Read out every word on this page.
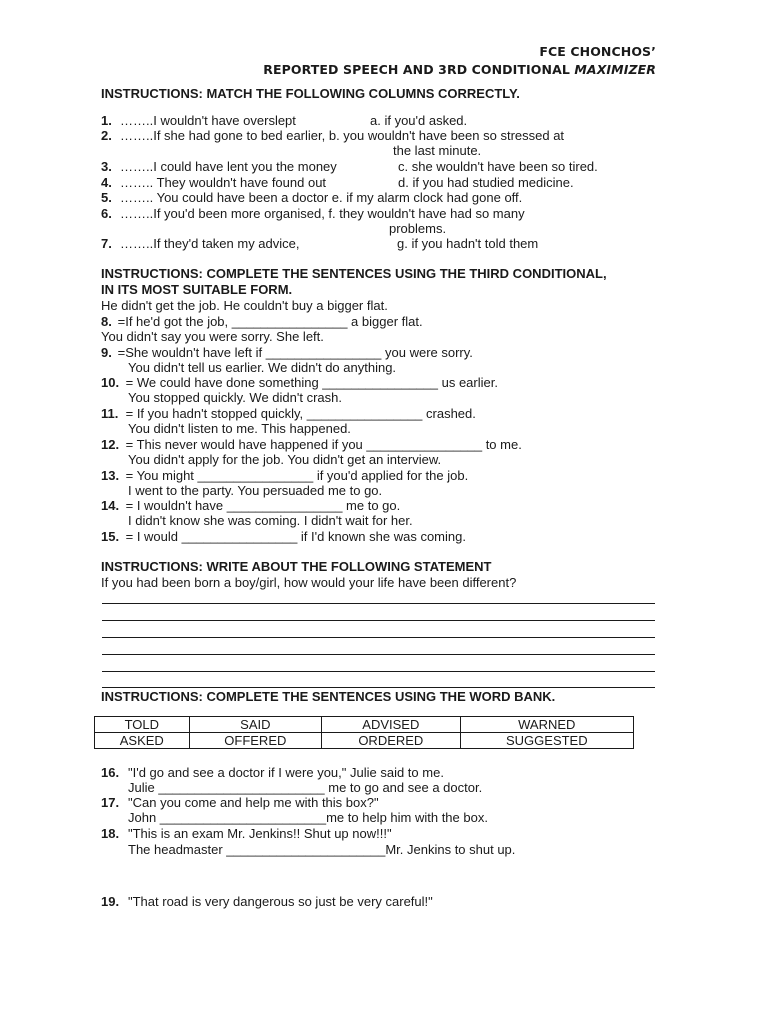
FCE CHONCHOS’
REPORTED SPEECH AND 3RD CONDITIONAL MAXIMIZER
INSTRUCTIONS: MATCH THE FOLLOWING COLUMNS CORRECTLY.
1. ……..I wouldn't have overslept	a. if you'd asked.
2. ……..If she had gone to bed earlier, b. you wouldn't have been so stressed at
the last minute.
3. ……..I could have lent you the money	c. she wouldn't have been so tired.
4. …….. They wouldn't have found out	d. if you had studied medicine.
5. …….. You could have been a doctor e. if my alarm clock had gone off.
6. ……..If you'd been more organised, f. they wouldn't have had so many
problems.
7. ……..If they'd taken my advice,	g. if you hadn't told them
INSTRUCTIONS: COMPLETE THE SENTENCES USING THE THIRD CONDITIONAL,
IN ITS MOST SUITABLE FORM.
He didn't get the job. He couldn't buy a bigger flat.
8. =If he'd got the job, ________________ a bigger flat.
You didn't say you were sorry. She left.
9. =She wouldn't have left if ________________ you were sorry.
You didn't tell us earlier. We didn't do anything.
10. = We could have done something ________________ us earlier.
You stopped quickly. We didn't crash.
11. = If you hadn't stopped quickly, ________________ crashed.
You didn't listen to me. This happened.
12. = This never would have happened if you ________________ to me.
You didn't apply for the job. You didn't get an interview.
13. = You might ________________ if you'd applied for the job.
I went to the party. You persuaded me to go.
14. = I wouldn't have ________________ me to go.
I didn't know she was coming. I didn't wait for her.
15. = I would ________________ if I'd known she was coming.
INSTRUCTIONS: WRITE ABOUT THE FOLLOWING STATEMENT
If you had been born a boy/girl, how would your life have been different?
INSTRUCTIONS: COMPLETE THE SENTENCES USING THE WORD BANK.
TOLD	SAID	ADVISED	WARNED
ASKED	OFFERED	ORDERED	SUGGESTED
16. "I'd go and see a doctor if I were you," Julie said to me.
Julie _______________________ me to go and see a doctor.
17. "Can you come and help me with this box?"
John _______________________me to help him with the box.
18. "This is an exam Mr. Jenkins!! Shut up now!!!"
The headmaster ______________________Mr. Jenkins to shut up.
19. "That road is very dangerous so just be very careful!"
